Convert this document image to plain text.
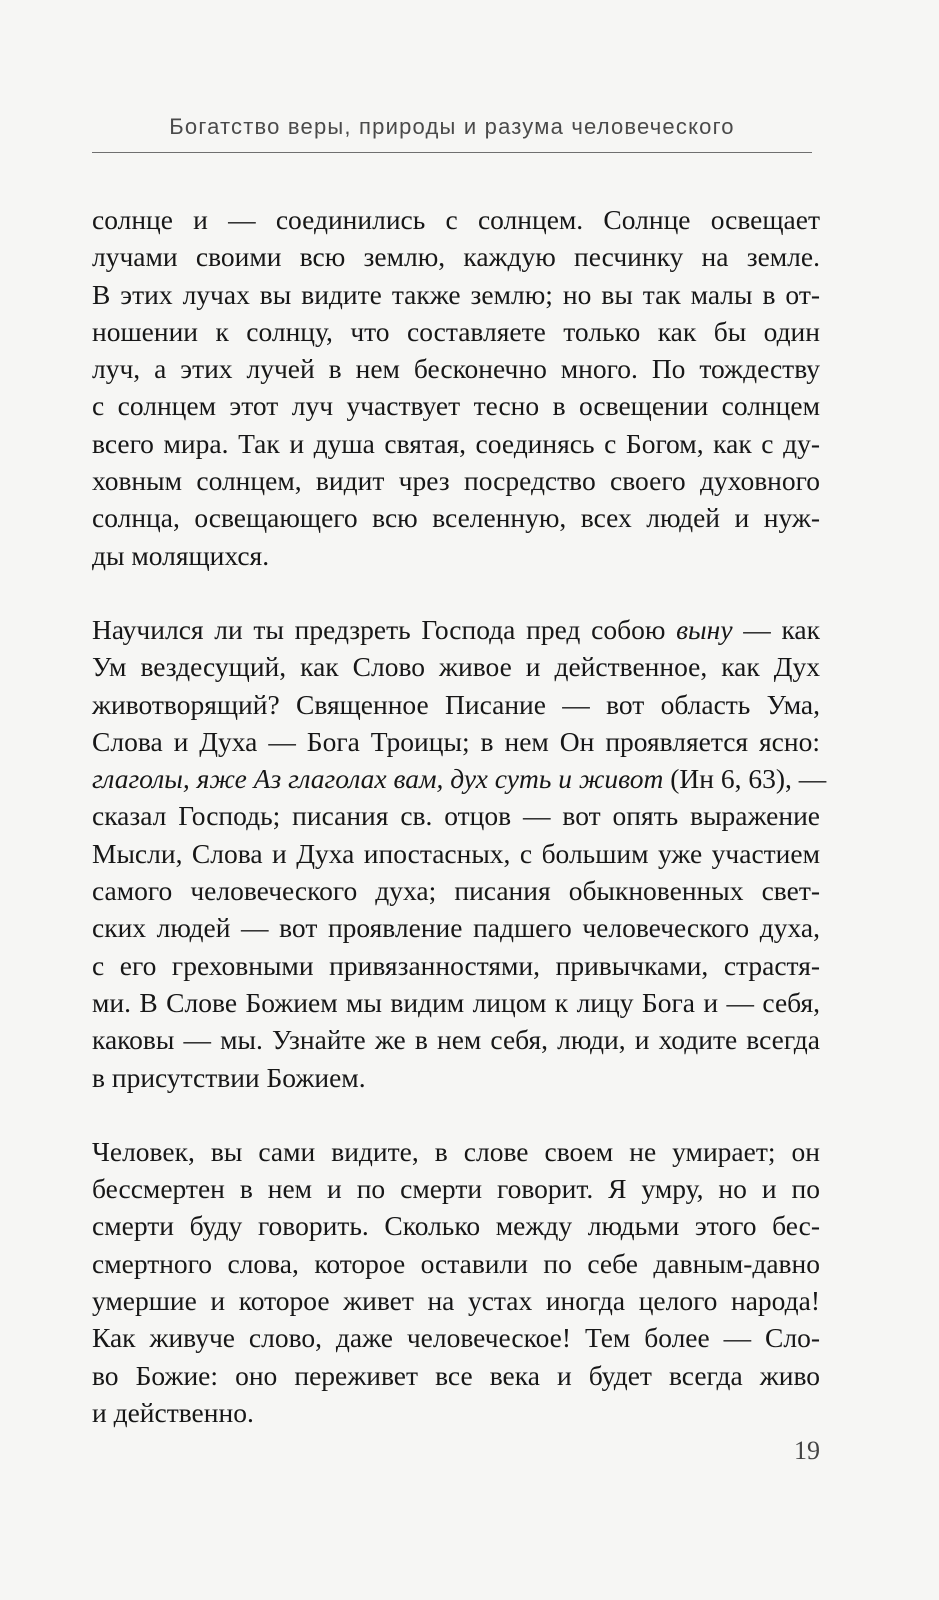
Богатство веры, природы и разума человеческого

солнце и — соединились с солнцем. Солнце освещает
лучами своими всю землю, каждую песчинку на земле.
В этих лучах вы видите также землю; но вы так малы в от-
ношении к солнцу, что составляете только как бы один
луч, а этих лучей в нем бесконечно много. По тождеству
с солнцем этот луч участвует тесно в освещении солнцем
всего мира. Так и душа святая, соединясь с Богом, как с ду-
ховным солнцем, видит чрез посредство своего духовного
солнца, освещающего всю вселенную, всех людей и нуж-
ды молящихся.

Научился ли ты предзреть Господа пред собою выну — как
Ум вездесущий, как Слово живое и действенное, как Дух
животворящий? Священное Писание — вот область Ума,
Слова и Духа — Бога Троицы; в нем Он проявляется ясно:
глаголы, яже Аз глаголах вам, дух суть и живот (Ин 6, 63), —
сказал Господь; писания св. отцов — вот опять выражение
Мысли, Слова и Духа ипостасных, с большим уже участием
самого человеческого духа; писания обыкновенных свет-
ских людей — вот проявление падшего человеческого духа,
с его греховными привязанностями, привычками, страстя-
ми. В Слове Божием мы видим лицом к лицу Бога и — себя,
каковы — мы. Узнайте же в нем себя, люди, и ходите всегда
в присутствии Божием.

Человек, вы сами видите, в слове своем не умирает; он
бессмертен в нем и по смерти говорит. Я умру, но и по
смерти буду говорить. Сколько между людьми этого бес-
смертного слова, которое оставили по себе давным-давно
умершие и которое живет на устах иногда целого народа!
Как живуче слово, даже человеческое! Тем более — Сло-
во Божие: оно переживет все века и будет всегда живо
и действенно.

19
